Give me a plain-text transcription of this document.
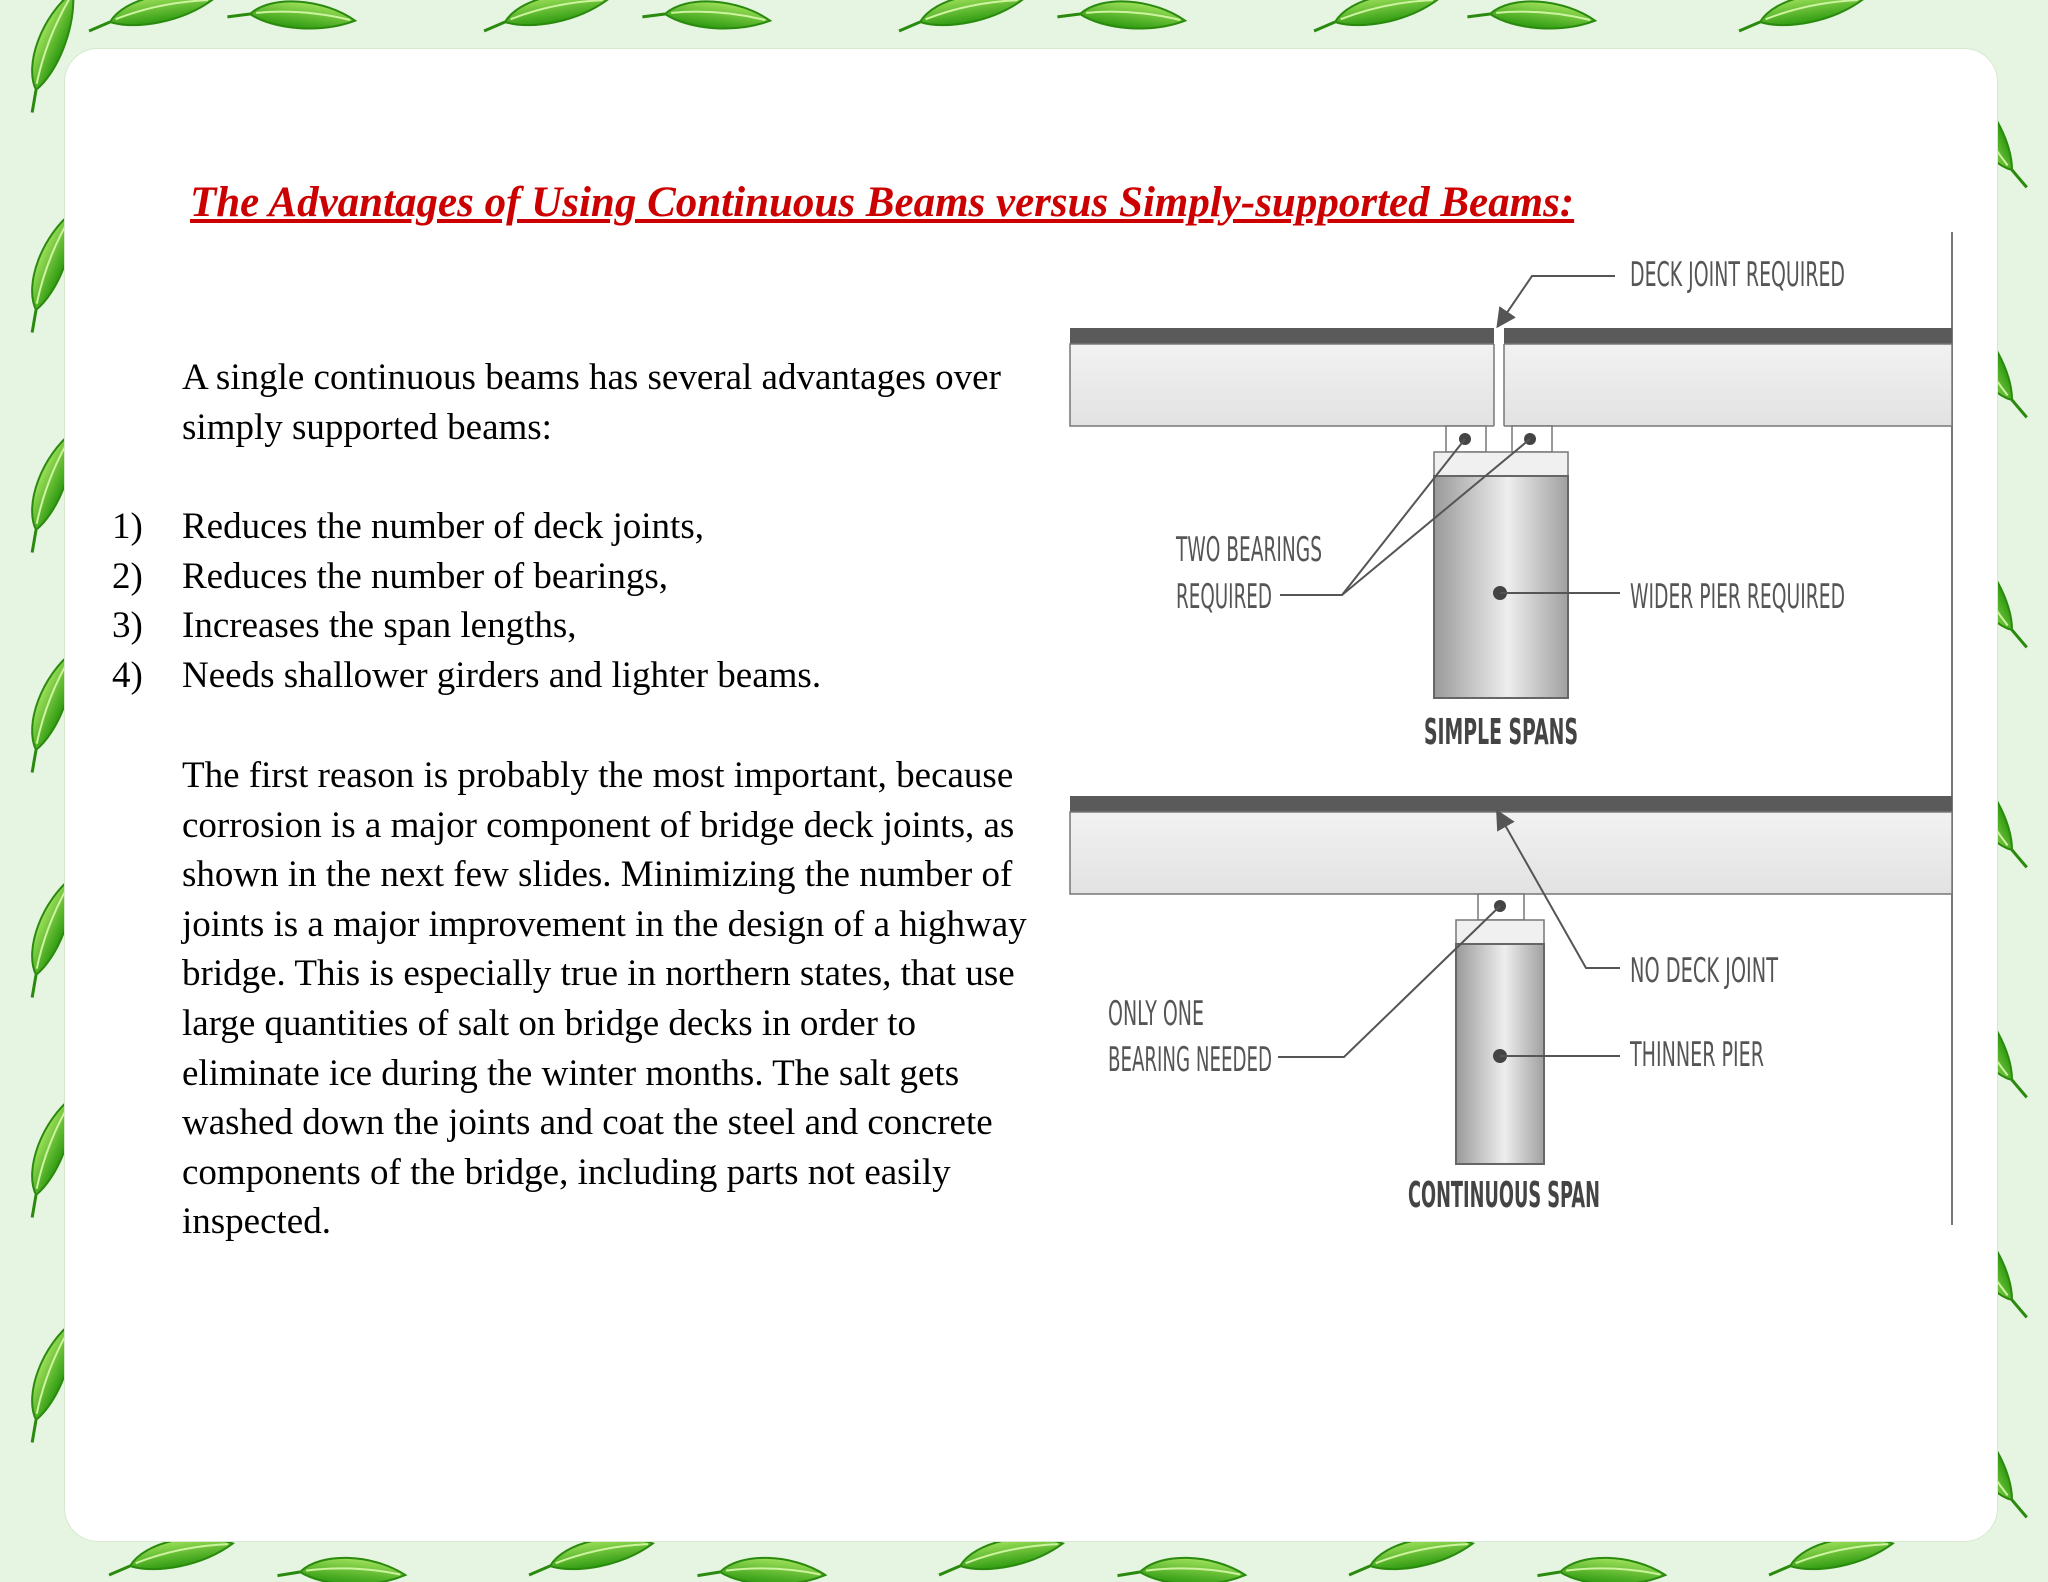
The Advantages of Using Continuous Beams versus Simply-supported Beams:

A single continuous beams has several advantages over simply supported beams:

1) Reduces the number of deck joints,
2) Reduces the number of bearings,
3) Increases the span lengths,
4) Needs shallower girders and lighter beams.

The first reason is probably the most important, because corrosion is a major component of bridge deck joints, as shown in the next few slides. Minimizing the number of joints is a major improvement in the design of a highway bridge. This is especially true in northern states, that use large quantities of salt on bridge decks in order to eliminate ice during the winter months. The salt gets washed down the joints and coat the steel and concrete components of the bridge, including parts not easily inspected.

DECK JOINT REQUIRED
TWO BEARINGS
REQUIRED	WIDER PIER REQUIRED
SIMPLE SPANS
NO DECK JOINT
ONLY ONE
BEARING NEEDED	THINNER PIER
CONTINUOUS SPAN
